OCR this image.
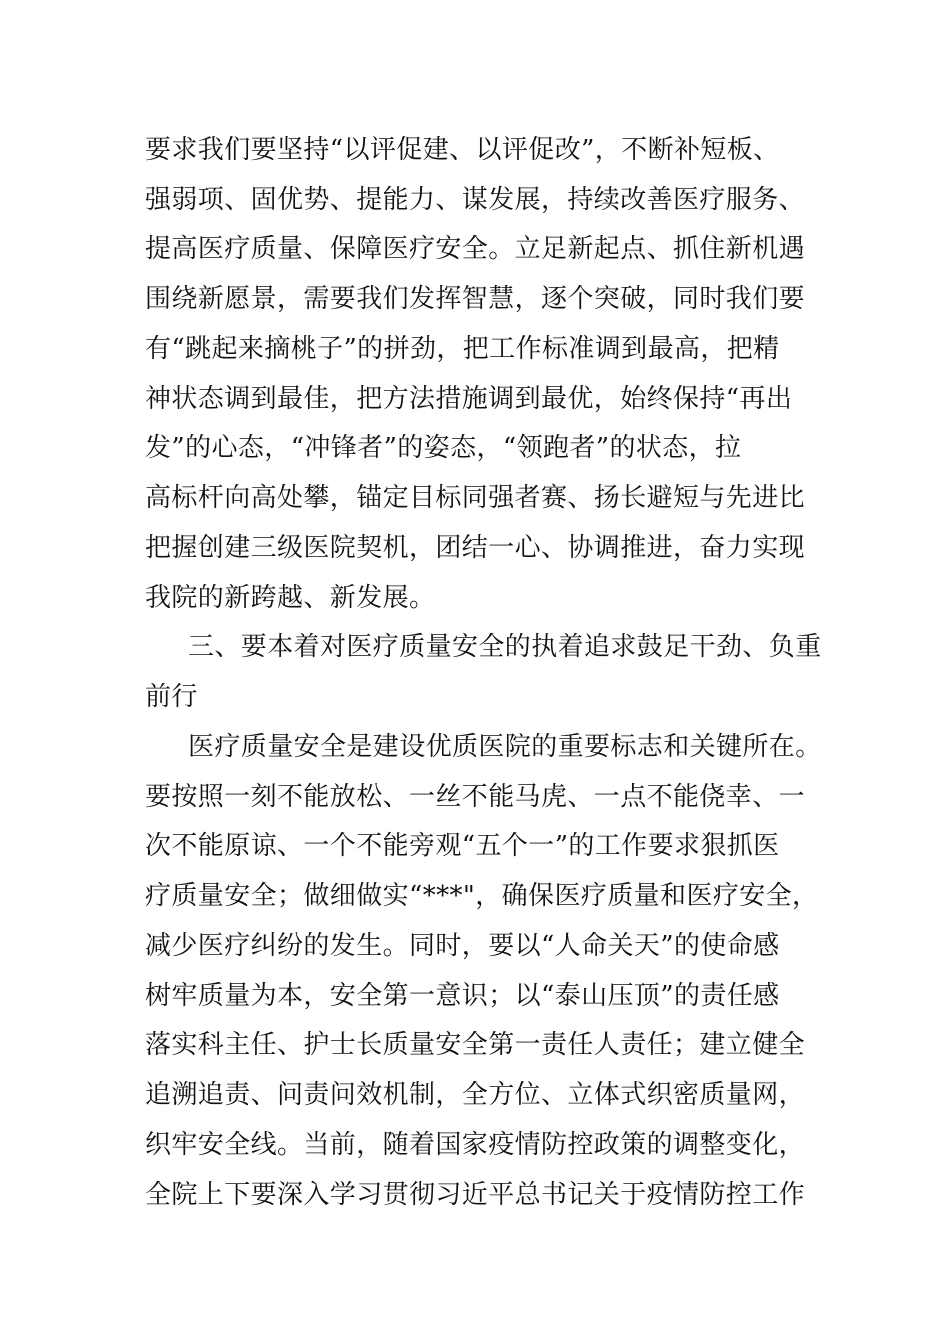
要求我们要坚持“以评促建、以评促改”，不断补短板、
强弱项、固优势、提能力、谋发展，持续改善医疗服务、
提高医疗质量、保障医疗安全。立足新起点、抓住新机遇
围绕新愿景，需要我们发挥智慧，逐个突破，同时我们要
有“跳起来摘桃子”的拼劲，把工作标准调到最高，把精
神状态调到最佳，把方法措施调到最优，始终保持“再出
发”的心态，“冲锋者”的姿态，“领跑者”的状态，拉
高标杆向高处攀，锚定目标同强者赛、扬长避短与先进比
把握创建三级医院契机，团结一心、协调推进，奋力实现
我院的新跨越、新发展。
三、要本着对医疗质量安全的执着追求鼓足干劲、负重
前行
医疗质量安全是建设优质医院的重要标志和关键所在。
要按照一刻不能放松、一丝不能马虎、一点不能侥幸、一
次不能原谅、一个不能旁观“五个一”的工作要求狠抓医
疗质量安全；做细做实“***"，确保医疗质量和医疗安全，
减少医疗纠纷的发生。同时，要以“人命关天”的使命感
树牢质量为本，安全第一意识；以“泰山压顶”的责任感
落实科主任、护士长质量安全第一责任人责任；建立健全
追溯追责、问责问效机制，全方位、立体式织密质量网，
织牢安全线。当前，随着国家疫情防控政策的调整变化，
全院上下要深入学习贯彻习近平总书记关于疫情防控工作
